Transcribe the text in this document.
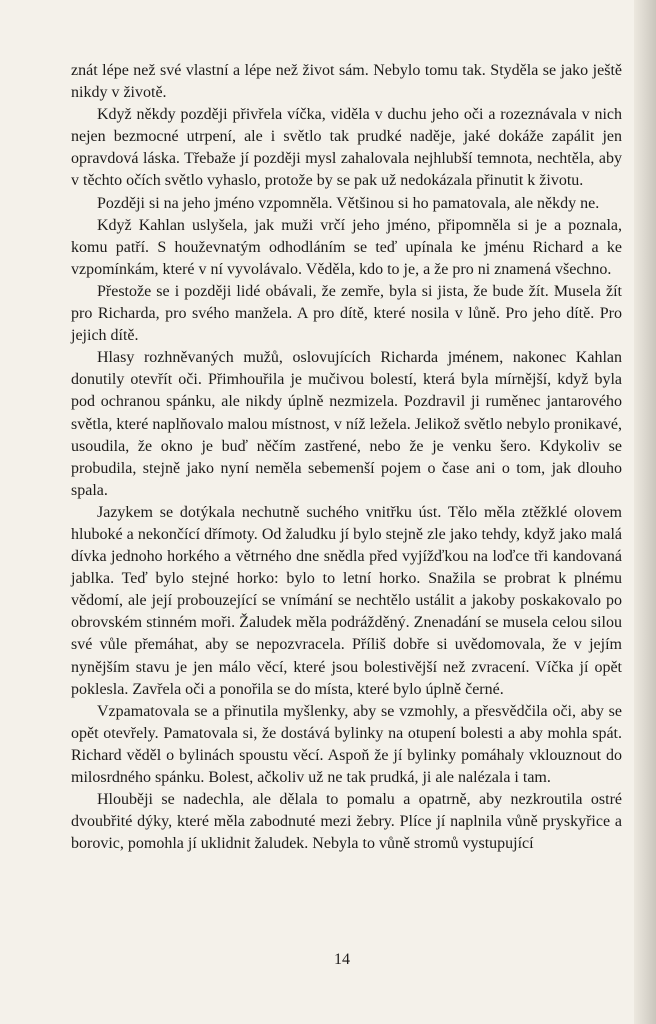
znát lépe než své vlastní a lépe než život sám. Nebylo tomu tak. Styděla se jako ještě nikdy v životě.

Když někdy později přivřela víčka, viděla v duchu jeho oči a rozeznávala v nich nejen bezmocné utrpení, ale i světlo tak prudké naděje, jaké dokáže zapálit jen opravdová láska. Třebaže jí později mysl zahalovala nejhlubší temnota, nechtěla, aby v těchto očích světlo vyhaslo, protože by se pak už nedokázala přinutit k životu.

Později si na jeho jméno vzpomněla. Většinou si ho pamatovala, ale někdy ne.

Když Kahlan uslyšela, jak muži vrčí jeho jméno, připomněla si je a poznala, komu patří. S houževnatým odhodláním se teď upínala ke jménu Richard a ke vzpomínkám, které v ní vyvolávalo. Věděla, kdo to je, a že pro ni znamená všechno.

Přestože se i později lidé obávali, že zemře, byla si jista, že bude žít. Musela žít pro Richarda, pro svého manžela. A pro dítě, které nosila v lůně. Pro jeho dítě. Pro jejich dítě.

Hlasy rozhněvaných mužů, oslovujících Richarda jménem, nakonec Kahlan donutily otevřít oči. Přimhouřila je mučivou bolestí, která byla mírnější, když byla pod ochranou spánku, ale nikdy úplně nezmizela. Pozdravil ji ruměnec jantarového světla, které naplňovalo malou místnost, v níž ležela. Jelikož světlo nebylo pronikavé, usoudila, že okno je buď něčím zastřené, nebo že je venku šero. Kdykoliv se probudila, stejně jako nyní neměla sebemenší pojem o čase ani o tom, jak dlouho spala.

Jazykem se dotýkala nechutně suchého vnitřku úst. Tělo měla ztěžklé olovem hluboké a nekončící dřímoty. Od žaludku jí bylo stejně zle jako tehdy, když jako malá dívka jednoho horkého a větrného dne snědla před vyjížďkou na loďce tři kandovaná jablka. Teď bylo stejné horko: bylo to letní horko. Snažila se probrat k plnému vědomí, ale její probouzející se vnímání se nechtělo ustálit a jakoby poskakovalo po obrovském stinném moři. Žaludek měla podrážděný. Znenadání se musela celou silou své vůle přemáhat, aby se nepozvracela. Příliš dobře si uvědomovala, že v jejím nynějším stavu je jen málo věcí, které jsou bolestivější než zvracení. Víčka jí opět poklesla. Zavřela oči a ponořila se do místa, které bylo úplně černé.

Vzpamatovala se a přinutila myšlenky, aby se vzmohly, a přesvědčila oči, aby se opět otevřely. Pamatovala si, že dostává bylinky na otupení bolesti a aby mohla spát. Richard věděl o bylinách spoustu věcí. Aspoň že jí bylinky pomáhaly vklouznout do milosrdného spánku. Bolest, ačkoliv už ne tak prudká, ji ale nalézala i tam.

Hlouběji se nadechla, ale dělala to pomalu a opatrně, aby nezkroutila ostré dvoubřité dýky, které měla zabodnuté mezi žebry. Plíce jí naplnila vůně pryskyřice a borovic, pomohla jí uklidnit žaludek. Nebyla to vůně stromů vystupující

14
